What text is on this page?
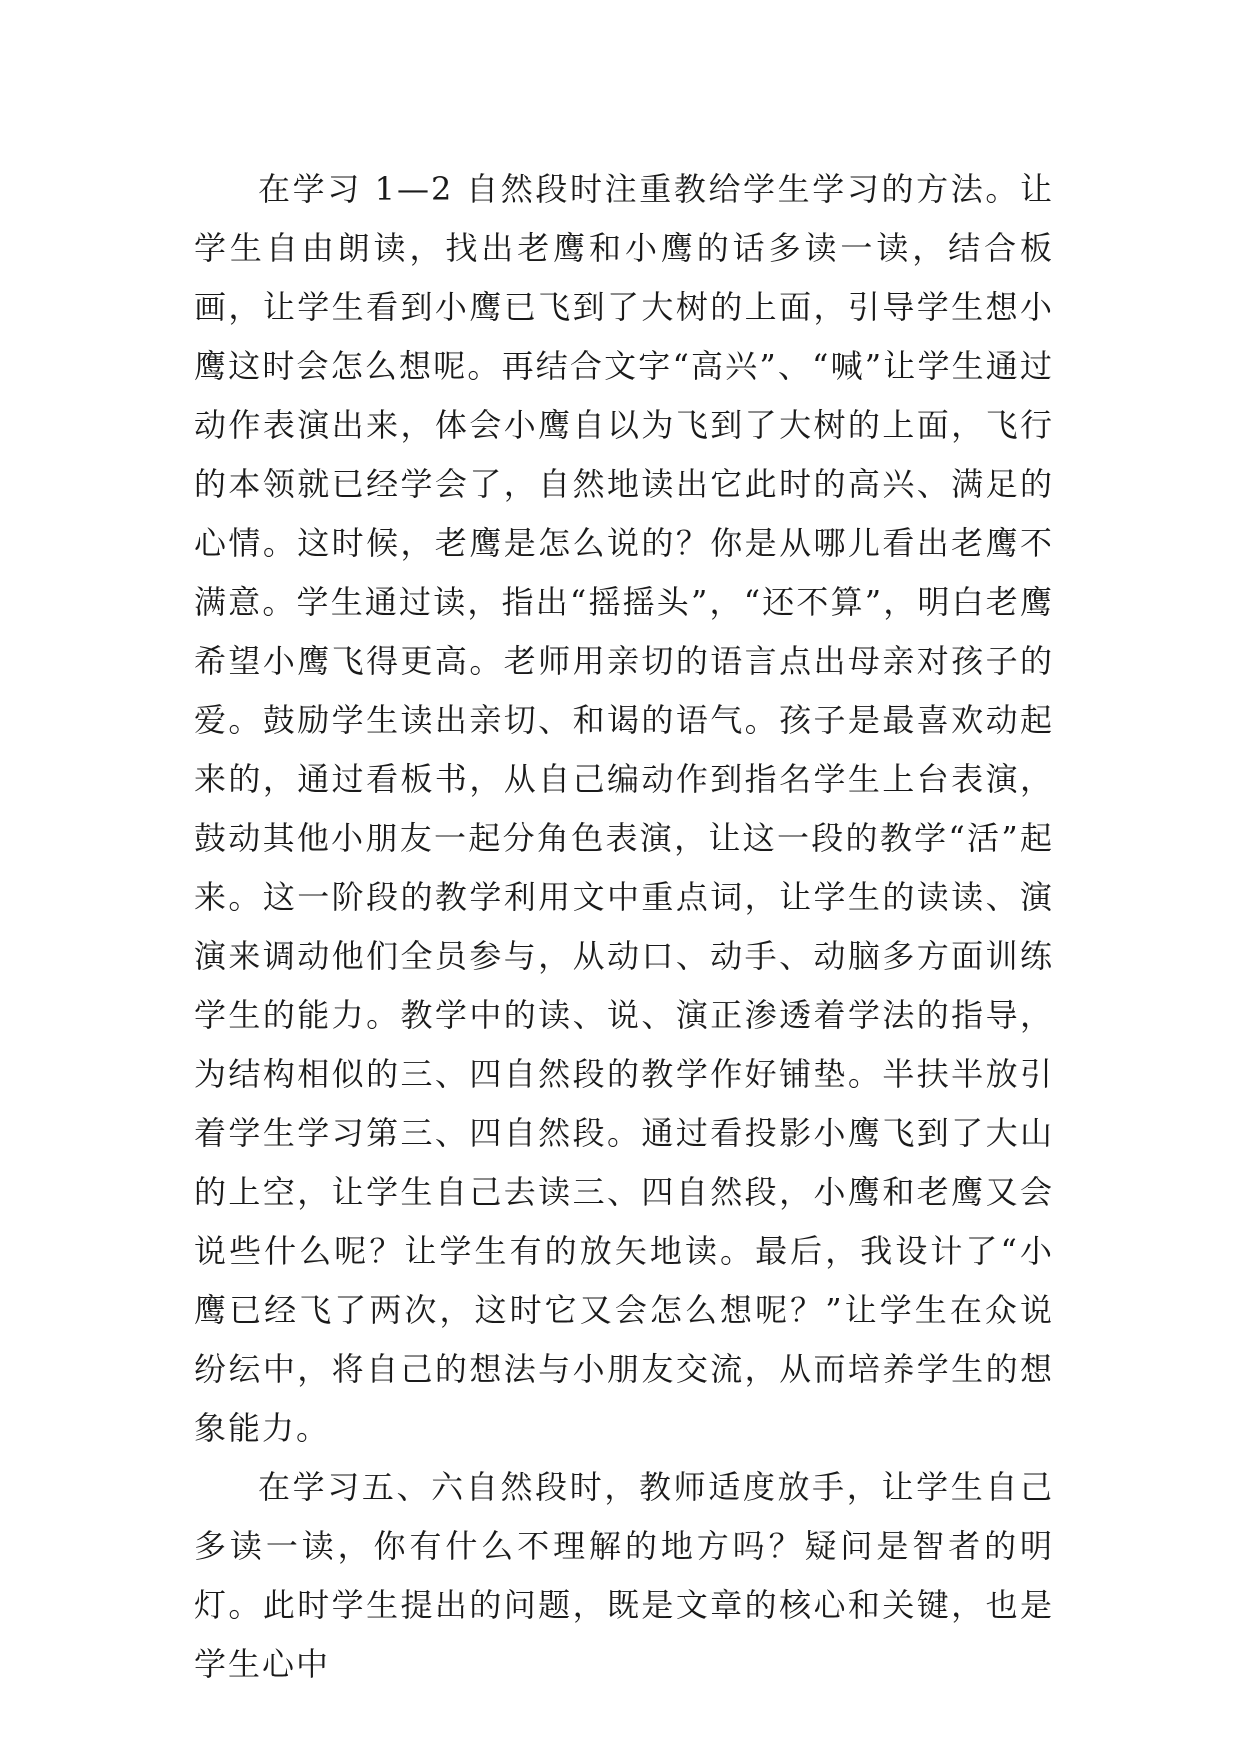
在学习 1—2 自然段时注重教给学生学习的方法。让学生自由朗读，找出老鹰和小鹰的话多读一读，结合板画，让学生看到小鹰已飞到了大树的上面，引导学生想小鹰这时会怎么想呢。再结合文字“高兴”、“喊”让学生通过动作表演出来，体会小鹰自以为飞到了大树的上面，飞行的本领就已经学会了，自然地读出它此时的高兴、满足的心情。这时候，老鹰是怎么说的？你是从哪儿看出老鹰不满意。学生通过读，指出“摇摇头”，“还不算”，明白老鹰希望小鹰飞得更高。老师用亲切的语言点出母亲对孩子的爱。鼓励学生读出亲切、和谒的语气。孩子是最喜欢动起来的，通过看板书，从自己编动作到指名学生上台表演，鼓动其他小朋友一起分角色表演，让这一段的教学“活”起来。这一阶段的教学利用文中重点词，让学生的读读、演演来调动他们全员参与，从动口、动手、动脑多方面训练学生的能力。教学中的读、说、演正渗透着学法的指导，为结构相似的三、四自然段的教学作好铺垫。半扶半放引着学生学习第三、四自然段。通过看投影小鹰飞到了大山的上空，让学生自己去读三、四自然段，小鹰和老鹰又会说些什么呢？让学生有的放矢地读。最后，我设计了“小鹰已经飞了两次，这时它又会怎么想呢？”让学生在众说纷纭中，将自己的想法与小朋友交流，从而培养学生的想象能力。

在学习五、六自然段时，教师适度放手，让学生自己多读一读，你有什么不理解的地方吗？疑问是智者的明灯。此时学生提出的问题，既是文章的核心和关键，也是学生心中
